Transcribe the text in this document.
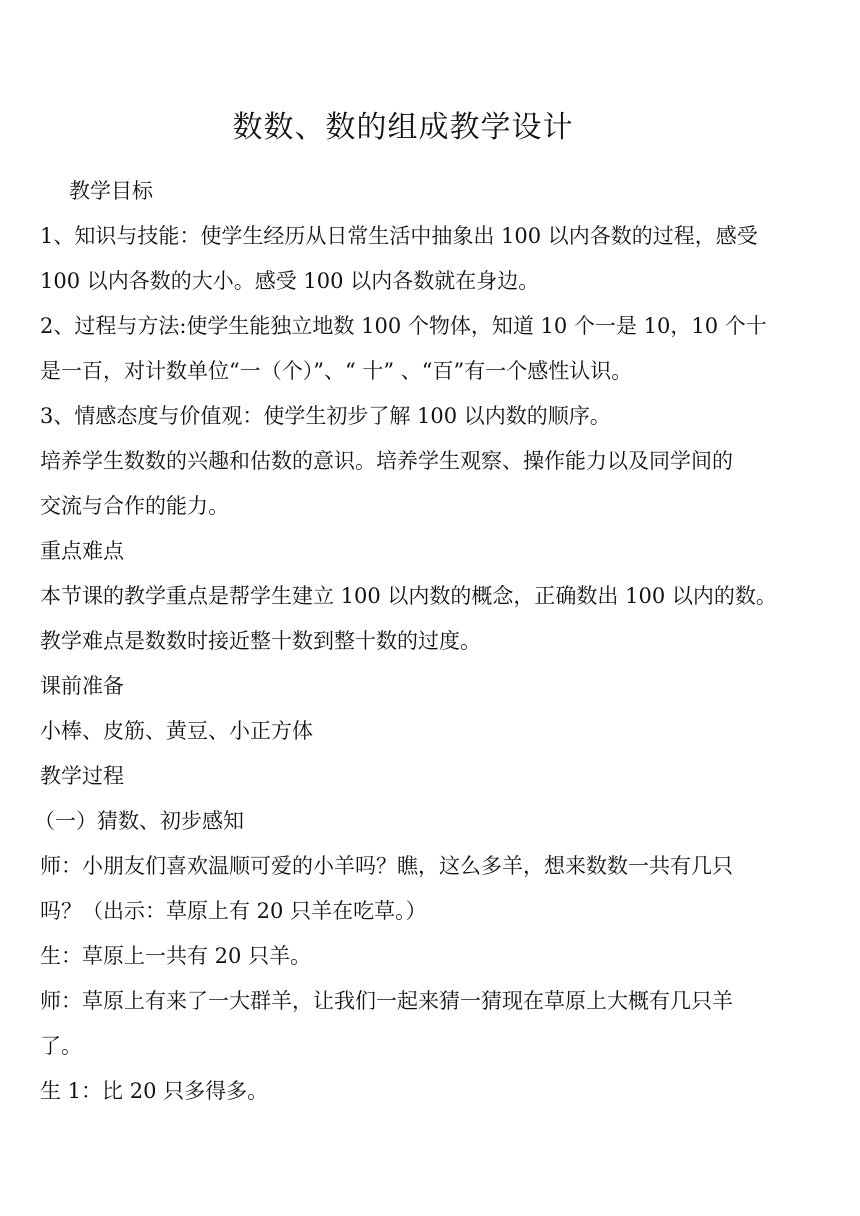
数数、数的组成教学设计
教学目标
1、知识与技能：使学生经历从日常生活中抽象出 100 以内各数的过程，感受
100 以内各数的大小。感受 100 以内各数就在身边。
2、过程与方法:使学生能独立地数 100 个物体，知道 10 个一是 10，10 个十
是一百，对计数单位“一（个）”、“ 十” 、“百”有一个感性认识。
3、情感态度与价值观：使学生初步了解 100 以内数的顺序。
培养学生数数的兴趣和估数的意识。培养学生观察、操作能力以及同学间的
交流与合作的能力。
重点难点
本节课的教学重点是帮学生建立 100 以内数的概念，正确数出 100 以内的数。
教学难点是数数时接近整十数到整十数的过度。
课前准备
小棒、皮筋、黄豆、小正方体
教学过程
（一）猜数、初步感知
师：小朋友们喜欢温顺可爱的小羊吗？瞧，这么多羊，想来数数一共有几只
吗？（出示：草原上有 20 只羊在吃草。）
生：草原上一共有 20 只羊。
师：草原上有来了一大群羊，让我们一起来猜一猜现在草原上大概有几只羊
了。
生 1：比 20 只多得多。
